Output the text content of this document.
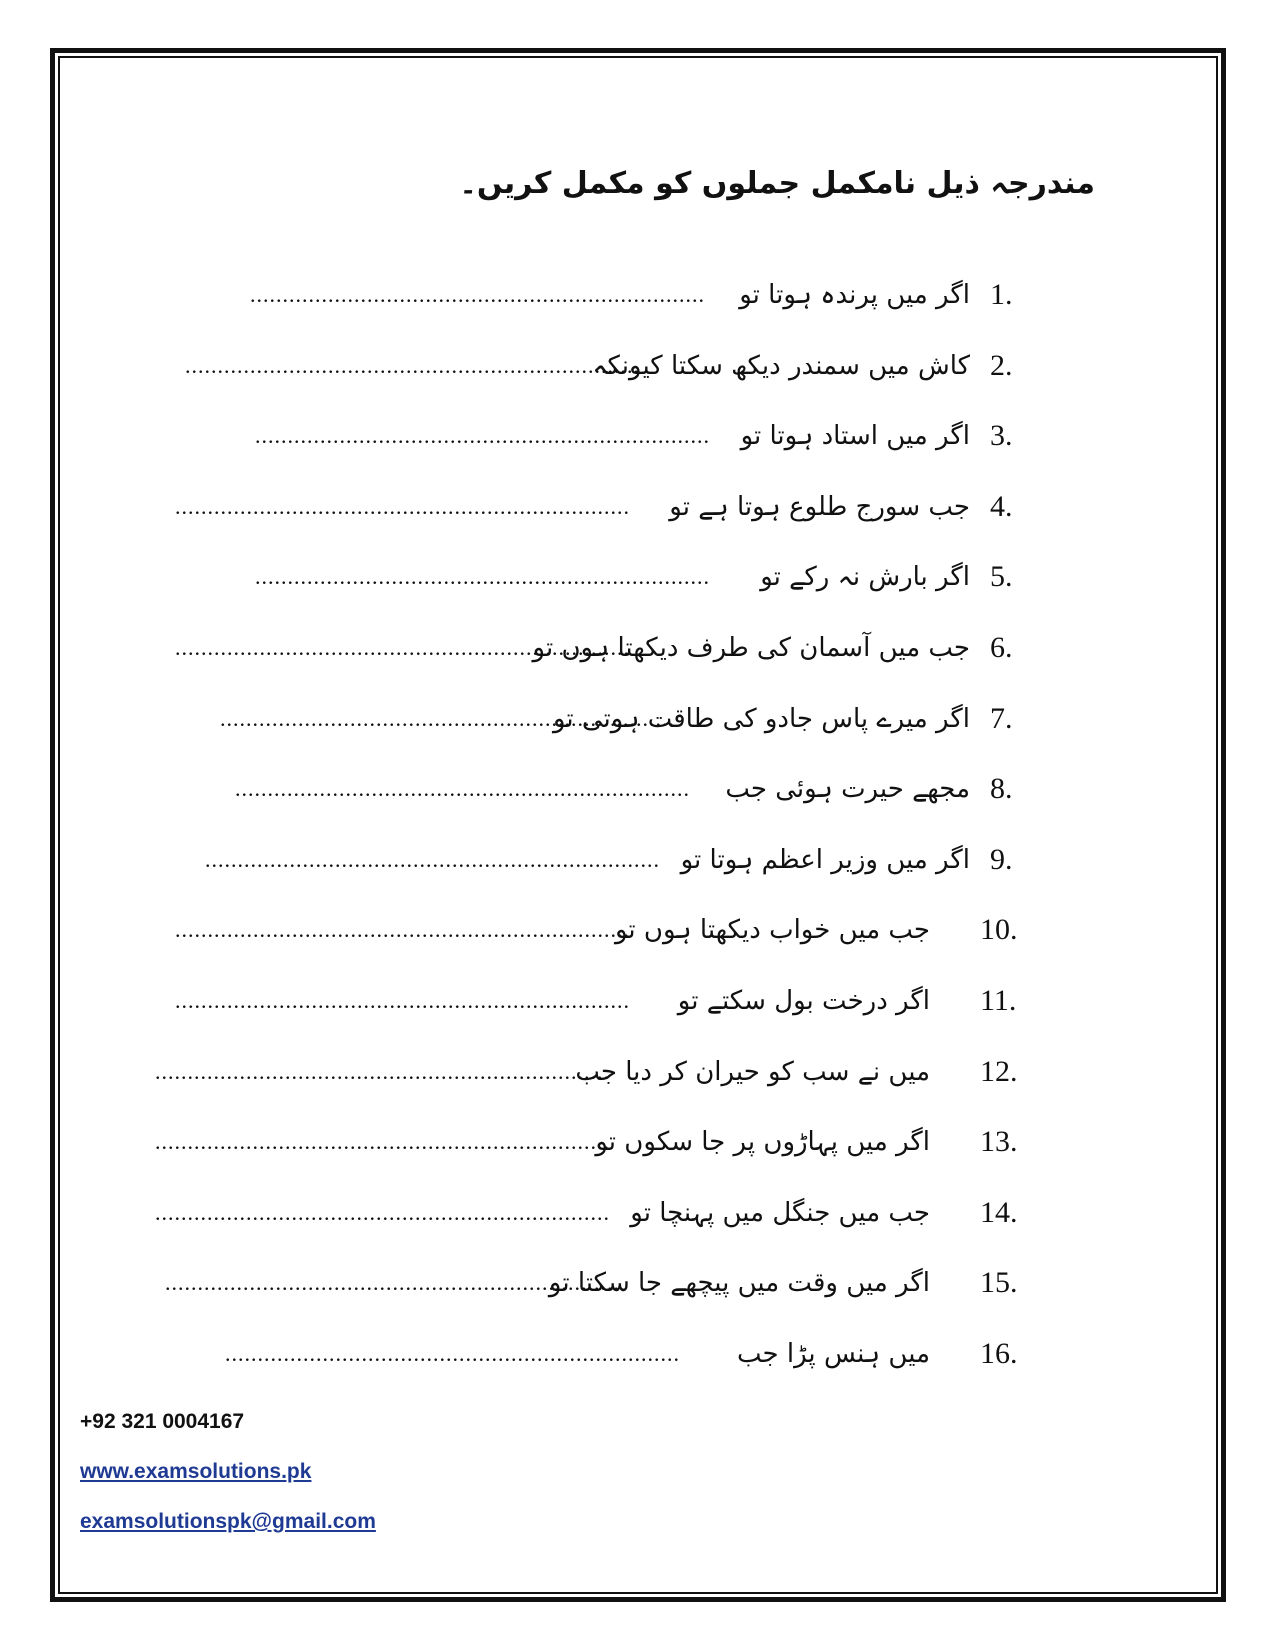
مندرجہ ذیل نامکمل جملوں کو مکمل کریں۔
1.
اگر میں پرندہ ہوتا تو
......................................................................
2.
کاش میں سمندر دیکھ سکتا کیونکہ
......................................................................
3.
اگر میں استاد ہوتا تو
......................................................................
4.
جب سورج طلوع ہوتا ہے تو
......................................................................
5.
اگر بارش نہ رکے تو
......................................................................
6.
جب میں آسمان کی طرف دیکھتا ہوں تو
......................................................................
7.
اگر میرے پاس جادو کی طاقت ہوتی تو
......................................................................
8.
مجھے حیرت ہوئی جب
......................................................................
9.
اگر میں وزیر اعظم ہوتا تو
......................................................................
10.
جب میں خواب دیکھتا ہوں تو
......................................................................
11.
اگر درخت بول سکتے تو
......................................................................
12.
میں نے سب کو حیران کر دیا جب
......................................................................
13.
اگر میں پہاڑوں پر جا سکوں تو
......................................................................
14.
جب میں جنگل میں پہنچا تو
......................................................................
15.
اگر میں وقت میں پیچھے جا سکتا تو
......................................................................
16.
میں ہنس پڑا جب
......................................................................
+92 321 0004167
www.examsolutions.pk
examsolutionspk@gmail.com
